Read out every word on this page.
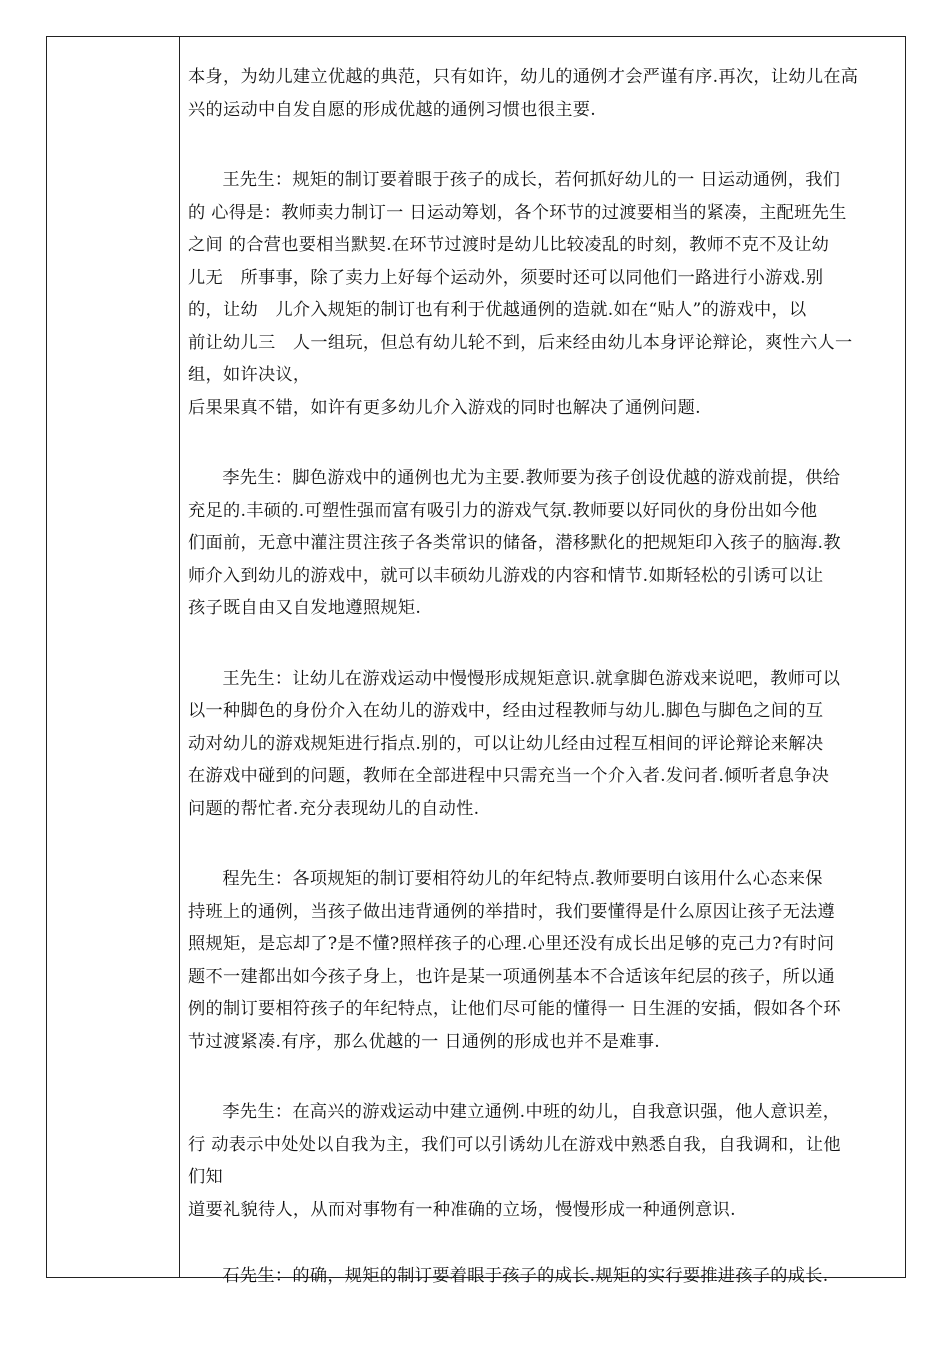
本身，为幼儿建立优越的典范，只有如许，幼儿的通例才会严谨有序.再次，让幼儿在高
兴的运动中自发自愿的形成优越的通例习惯也很主要.

王先生：规矩的制订要着眼于孩子的成长，若何抓好幼儿的一 日运动通例，我们
的 心得是：教师卖力制订一 日运动筹划，各个环节的过渡要相当的紧凑，主配班先生
之间 的合营也要相当默契.在环节过渡时是幼儿比较凌乱的时刻，教师不克不及让幼
儿无　所事事，除了卖力上好每个运动外，须要时还可以同他们一路进行小游戏.别
的，让幼　儿介入规矩的制订也有利于优越通例的造就.如在“贴人”的游戏中，以
前让幼儿三　人一组玩，但总有幼儿轮不到，后来经由幼儿本身评论辩论，爽性六人一
组，如许决议，
后果果真不错，如许有更多幼儿介入游戏的同时也解决了通例问题.

李先生：脚色游戏中的通例也尤为主要.教师要为孩子创设优越的游戏前提，供给
充足的.丰硕的.可塑性强而富有吸引力的游戏气氛.教师要以好同伙的身份出如今他
们面前，无意中灌注贯注孩子各类常识的储备，潜移默化的把规矩印入孩子的脑海.教
师介入到幼儿的游戏中，就可以丰硕幼儿游戏的内容和情节.如斯轻松的引诱可以让
孩子既自由又自发地遵照规矩.

王先生：让幼儿在游戏运动中慢慢形成规矩意识.就拿脚色游戏来说吧，教师可以
以一种脚色的身份介入在幼儿的游戏中，经由过程教师与幼儿.脚色与脚色之间的互
动对幼儿的游戏规矩进行指点.别的，可以让幼儿经由过程互相间的评论辩论来解决
在游戏中碰到的问题，教师在全部进程中只需充当一个介入者.发问者.倾听者息争决
问题的帮忙者.充分表现幼儿的自动性.

程先生：各项规矩的制订要相符幼儿的年纪特点.教师要明白该用什么心态来保
持班上的通例，当孩子做出违背通例的举措时，我们要懂得是什么原因让孩子无法遵
照规矩，是忘却了?是不懂?照样孩子的心理.心里还没有成长出足够的克己力?有时问
题不一建都出如今孩子身上，也许是某一项通例基本不合适该年纪层的孩子，所以通
例的制订要相符孩子的年纪特点，让他们尽可能的懂得一 日生涯的安插，假如各个环
节过渡紧凑.有序，那么优越的一 日通例的形成也并不是难事.

李先生：在高兴的游戏运动中建立通例.中班的幼儿，自我意识强，他人意识差，
行 动表示中处处以自我为主，我们可以引诱幼儿在游戏中熟悉自我，自我调和，让他
们知
道要礼貌待人，从而对事物有一种准确的立场，慢慢形成一种通例意识.

石先生：的确，规矩的制订要着眼于孩子的成长.规矩的实行要推进孩子的成长.
